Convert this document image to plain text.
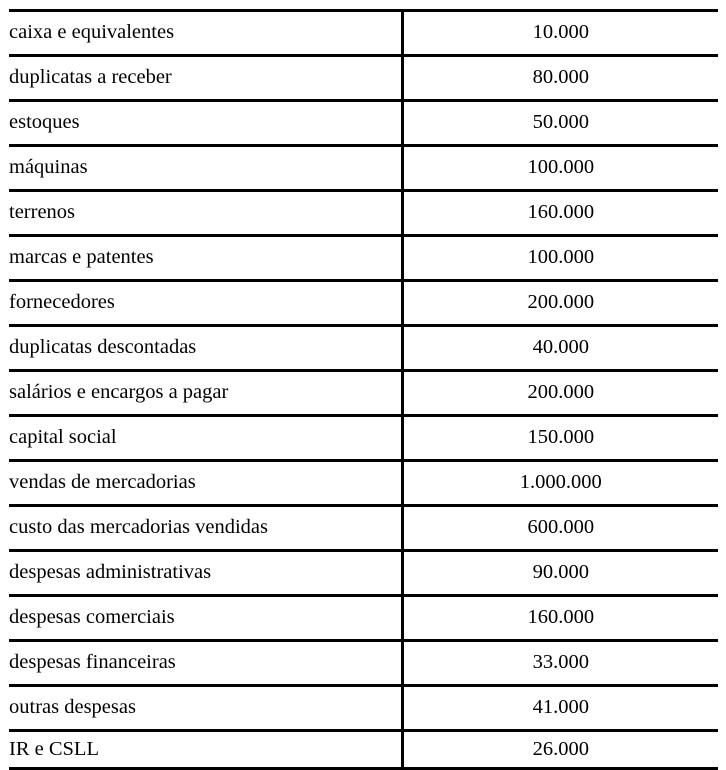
caixa e equivalentes	10.000
duplicatas a receber	80.000
estoques	50.000
máquinas	100.000
terrenos	160.000
marcas e patentes	100.000
fornecedores	200.000
duplicatas descontadas	40.000
salários e encargos a pagar	200.000
capital social	150.000
vendas de mercadorias	1.000.000
custo das mercadorias vendidas	600.000
despesas administrativas	90.000
despesas comerciais	160.000
despesas financeiras	33.000
outras despesas	41.000
IR e CSLL	26.000
